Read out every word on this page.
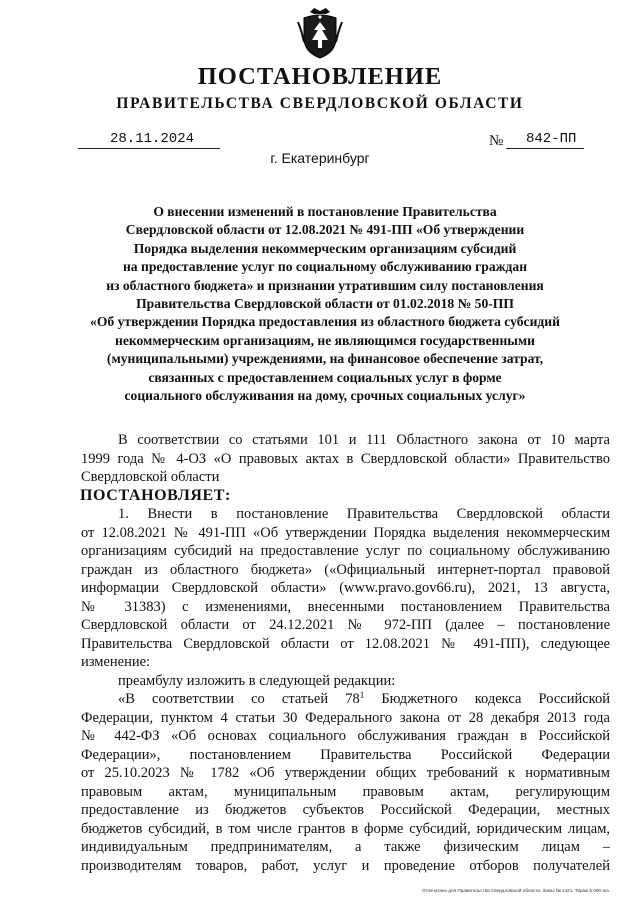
ПОСТАНОВЛЕНИЕ
ПРАВИТЕЛЬСТВА СВЕРДЛОВСКОЙ ОБЛАСТИ
28.11.2024	№	842-ПП

г. Екатеринбург

О внесении изменений в постановление Правительства
Свердловской области от 12.08.2021 № 491-ПП «Об утверждении
Порядка выделения некоммерческим организациям субсидий
на предоставление услуг по социальному обслуживанию граждан
из областного бюджета» и признании утратившим силу постановления
Правительства Свердловской области от 01.02.2018 № 50-ПП
«Об утверждении Порядка предоставления из областного бюджета субсидий
некоммерческим организациям, не являющимся государственными
(муниципальными) учреждениями, на финансовое обеспечение затрат,
связанных с предоставлением социальных услуг в форме
социального обслуживания на дому, срочных социальных услуг»
В соответствии со статьями 101 и 111 Областного закона от 10 марта
1999 года № 4-ОЗ «О правовых актах в Свердловской области» Правительство
Свердловской области
ПОСТАНОВЛЯЕТ:
1. Внести в постановление Правительства Свердловской области
от 12.08.2021 № 491-ПП «Об утверждении Порядка выделения некоммерческим
организациям субсидий на предоставление услуг по социальному обслуживанию
граждан из областного бюджета» («Официальный интернет-портал правовой
информации Свердловской области» (www.pravo.gov66.ru), 2021, 13 августа,
№ 31383) с изменениями, внесенными постановлением Правительства
Свердловской области от 24.12.2021 № 972-ПП (далее – постановление
Правительства Свердловской области от 12.08.2021 № 491-ПП), следующее
изменение:
преамбулу изложить в следующей редакции:
«В соответствии со статьей $78^1$ Бюджетного кодекса Российской
Федерации, пунктом 4 статьи 30 Федерального закона от 28 декабря 2013 года
№ 442-ФЗ «Об основах социального обслуживания граждан в Российской
Федерации», постановлением Правительства Российской Федерации
от 25.10.2023 № 1782 «Об утверждении общих требований к нормативным
правовым актам, муниципальным правовым актам, регулирующим
предоставление из бюджетов субъектов Российской Федерации, местных
бюджетов субсидий, в том числе грантов в форме субсидий, юридическим лицам,
индивидуальным предпринимателям, а также физическим лицам –
производителям товаров, работ, услуг и проведение отборов получателей
Отпечатано для Правительства Свердловской области. Заказ № 1421. Тираж 5 000 экз.
